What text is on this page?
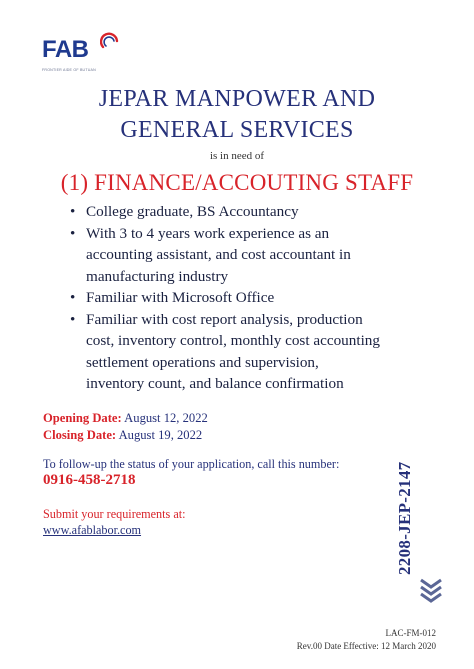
FAB
FRONTIER AIDE OF BUTUAN
JEPAR MANPOWER AND
GENERAL SERVICES
is in need of
(1) FINANCE/ACCOUTING STAFF
• College graduate, BS Accountancy
• With 3 to 4 years work experience as an
accounting assistant, and cost accountant in
manufacturing industry
• Familiar with Microsoft Office
• Familiar with cost report analysis, production
cost, inventory control, monthly cost accounting
settlement operations and supervision,
inventory count, and balance confirmation
Opening Date: August 12, 2022
Closing Date: August 19, 2022
To follow-up the status of your application, call this number:
0916-458-2718
Submit your requirements at:
www.afablabor.com	2208-JEP-2147
LAC-FM-012
Rev.00 Date Effective: 12 March 2020
